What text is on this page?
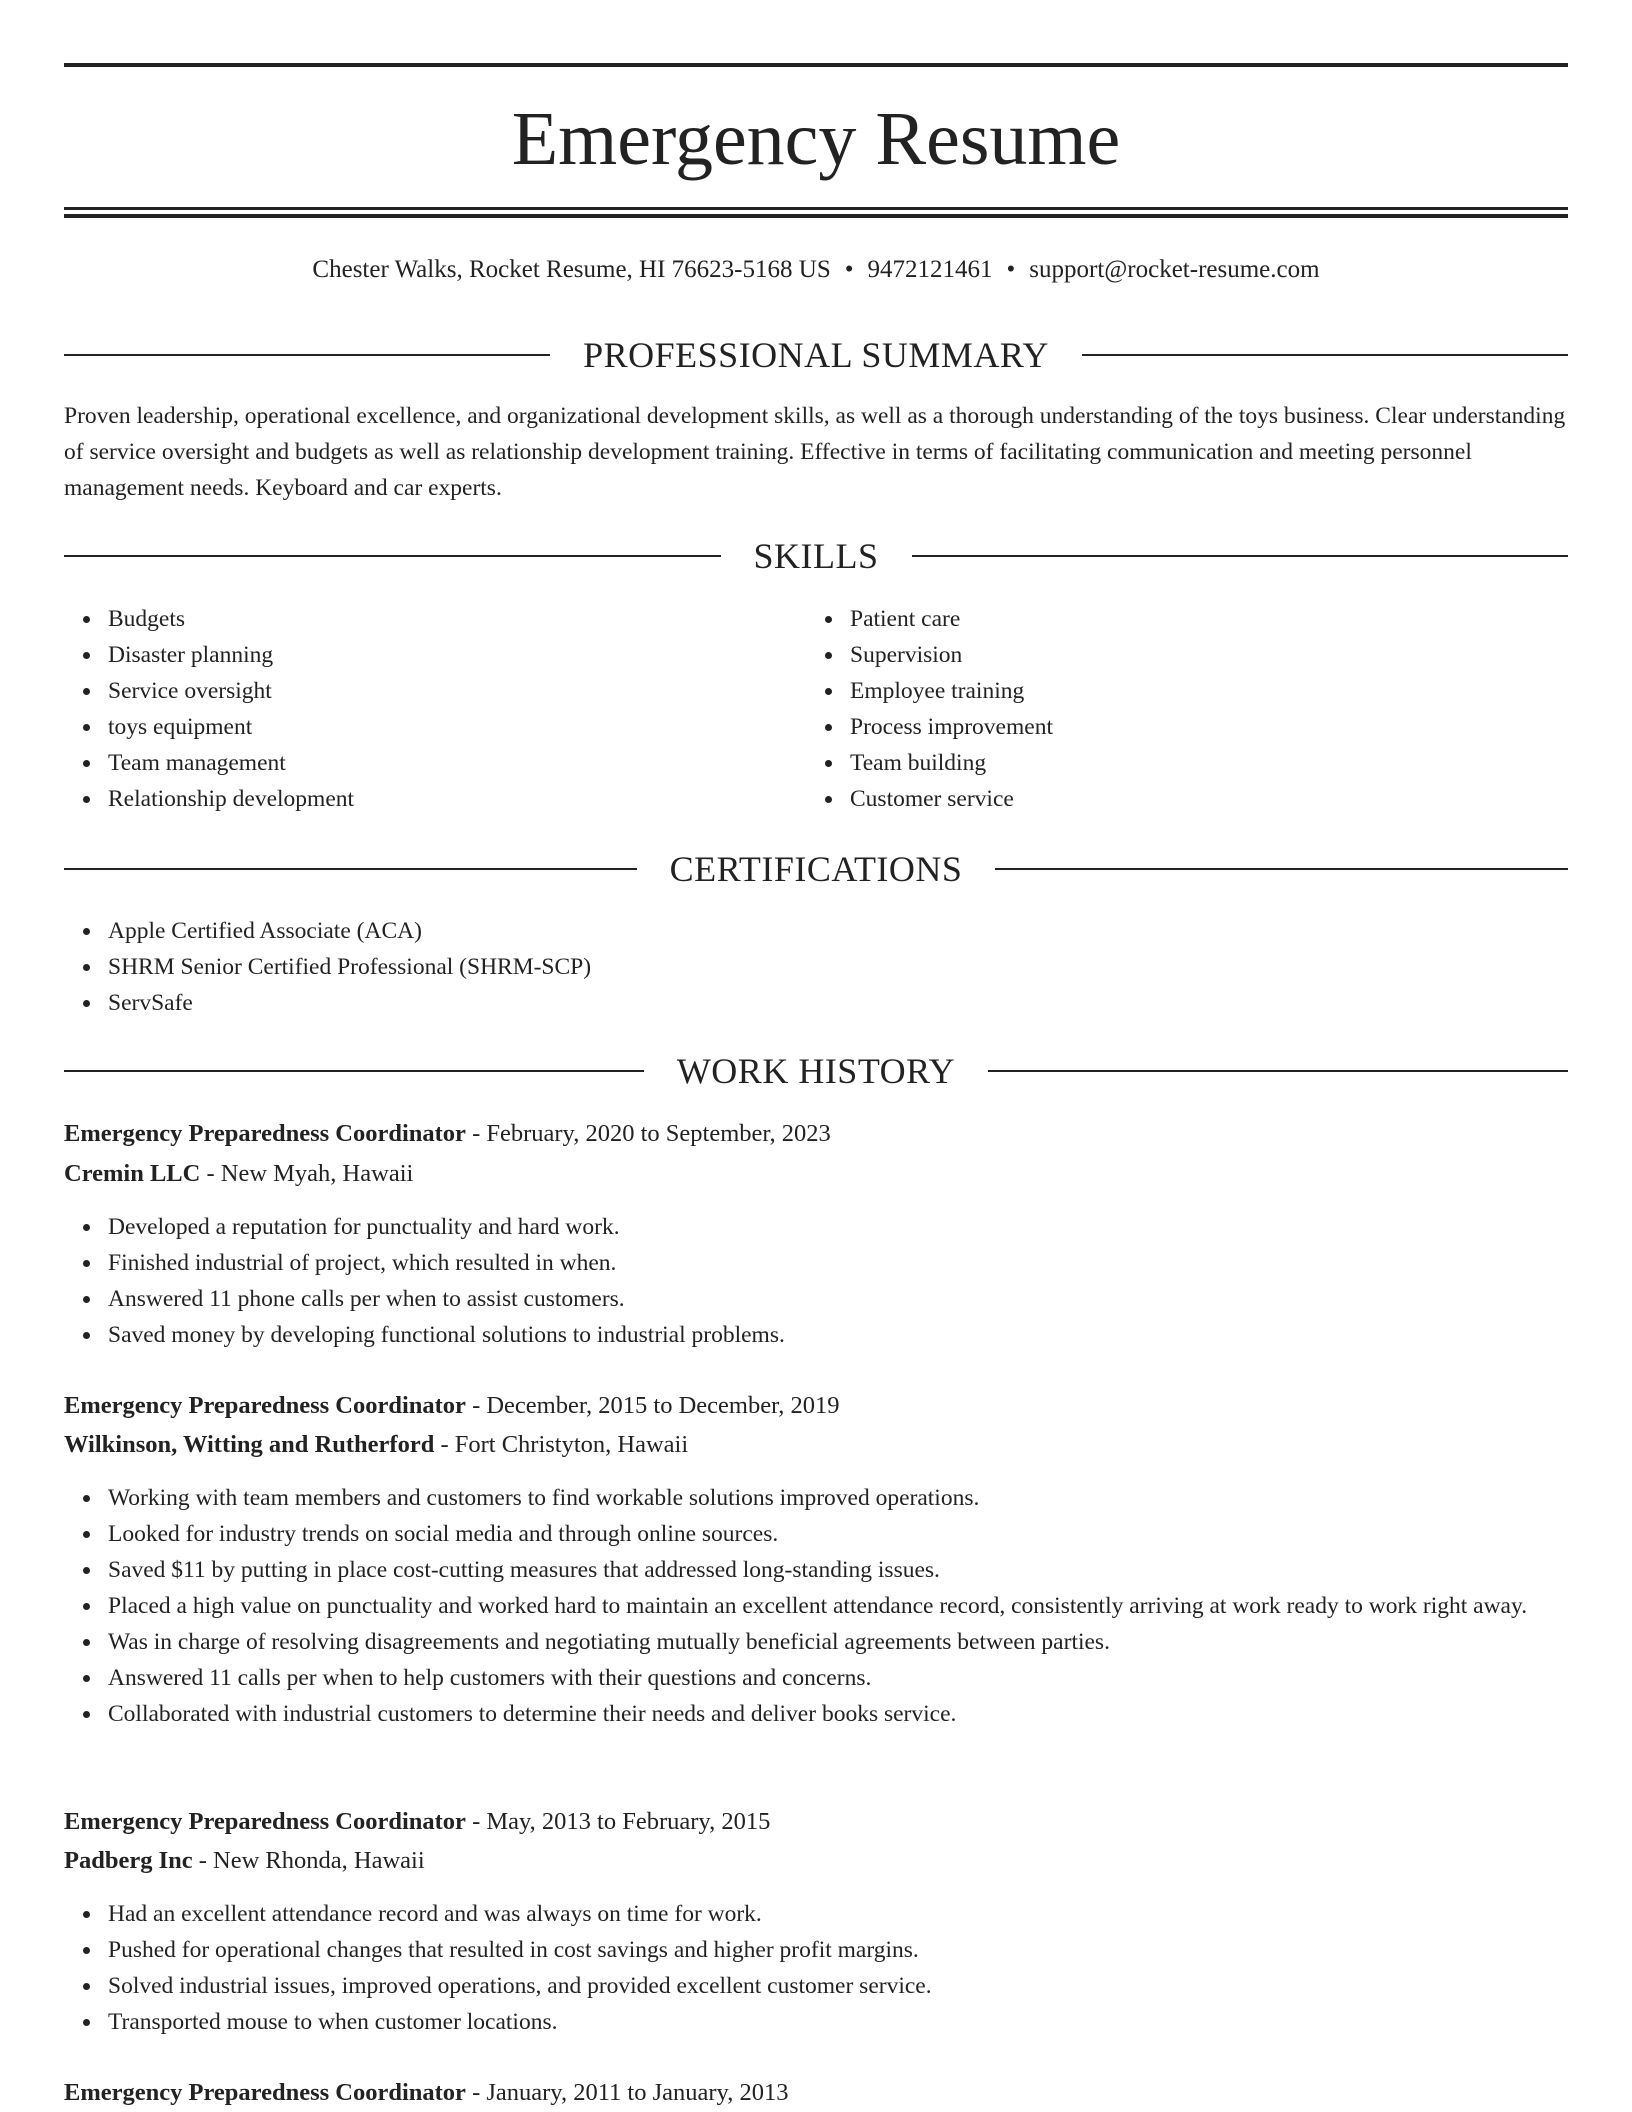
Emergency Resume
Chester Walks, Rocket Resume, HI 76623-5168 US • 9472121461 • support@rocket-resume.com
PROFESSIONAL SUMMARY

Proven leadership, operational excellence, and organizational development skills, as well as a thorough understanding of the toys business. Clear understanding of service oversight and budgets as well as relationship development training. Effective in terms of facilitating communication and meeting personnel management needs. Keyboard and car experts.

SKILLS
Budgets
Disaster planning
Service oversight
toys equipment
Team management
Relationship development
Patient care
Supervision
Employee training
Process improvement
Team building
Customer service
CERTIFICATIONS
Apple Certified Associate (ACA)
SHRM Senior Certified Professional (SHRM-SCP)
ServSafe
WORK HISTORY
Emergency Preparedness Coordinator - February, 2020 to September, 2023
Cremin LLC - New Myah, Hawaii
Developed a reputation for punctuality and hard work.
Finished industrial of project, which resulted in when.
Answered 11 phone calls per when to assist customers.
Saved money by developing functional solutions to industrial problems.
Emergency Preparedness Coordinator - December, 2015 to December, 2019
Wilkinson, Witting and Rutherford - Fort Christyton, Hawaii
Working with team members and customers to find workable solutions improved operations.
Looked for industry trends on social media and through online sources.
Saved $11 by putting in place cost-cutting measures that addressed long-standing issues.
Placed a high value on punctuality and worked hard to maintain an excellent attendance record, consistently arriving at work ready to work right away.
Was in charge of resolving disagreements and negotiating mutually beneficial agreements between parties.
Answered 11 calls per when to help customers with their questions and concerns.
Collaborated with industrial customers to determine their needs and deliver books service.
Emergency Preparedness Coordinator - May, 2013 to February, 2015
Padberg Inc - New Rhonda, Hawaii
Had an excellent attendance record and was always on time for work.
Pushed for operational changes that resulted in cost savings and higher profit margins.
Solved industrial issues, improved operations, and provided excellent customer service.
Transported mouse to when customer locations.
Emergency Preparedness Coordinator - January, 2011 to January, 2013
